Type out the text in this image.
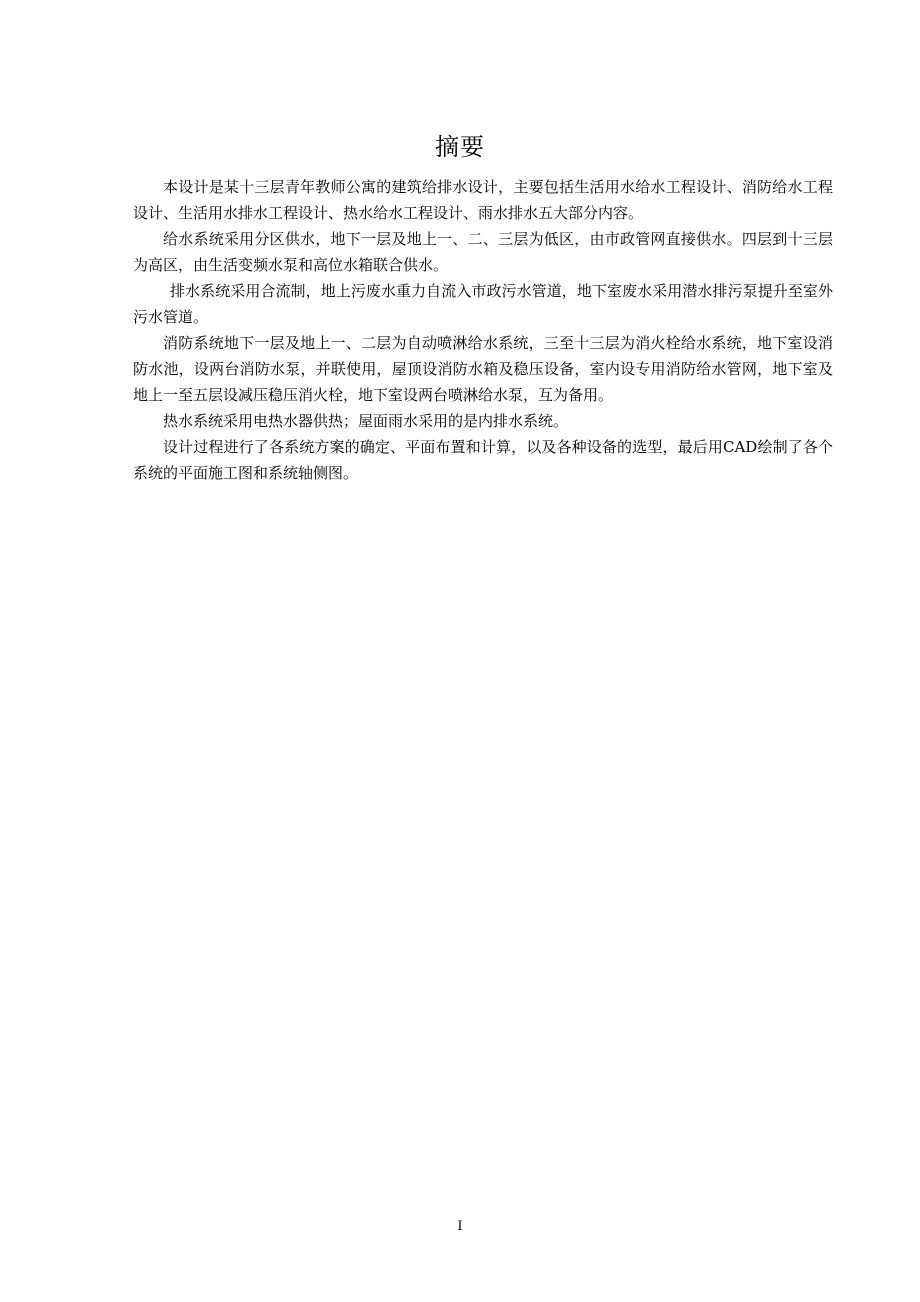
摘要

本设计是某十三层青年教师公寓的建筑给排水设计，主要包括生活用水给水工程设计、消防给水工程设计、生活用水排水工程设计、热水给水工程设计、雨水排水五大部分内容。

给水系统采用分区供水，地下一层及地上一、二、三层为低区，由市政管网直接供水。四层到十三层为高区，由生活变频水泵和高位水箱联合供水。

排水系统采用合流制，地上污废水重力自流入市政污水管道，地下室废水采用潜水排污泵提升至室外污水管道。

消防系统地下一层及地上一、二层为自动喷淋给水系统，三至十三层为消火栓给水系统，地下室设消防水池，设两台消防水泵，并联使用，屋顶设消防水箱及稳压设备，室内设专用消防给水管网，地下室及地上一至五层设减压稳压消火栓，地下室设两台喷淋给水泵，互为备用。

热水系统采用电热水器供热；屋面雨水采用的是内排水系统。

设计过程进行了各系统方案的确定、平面布置和计算，以及各种设备的选型，最后用CAD绘制了各个系统的平面施工图和系统轴侧图。

I
